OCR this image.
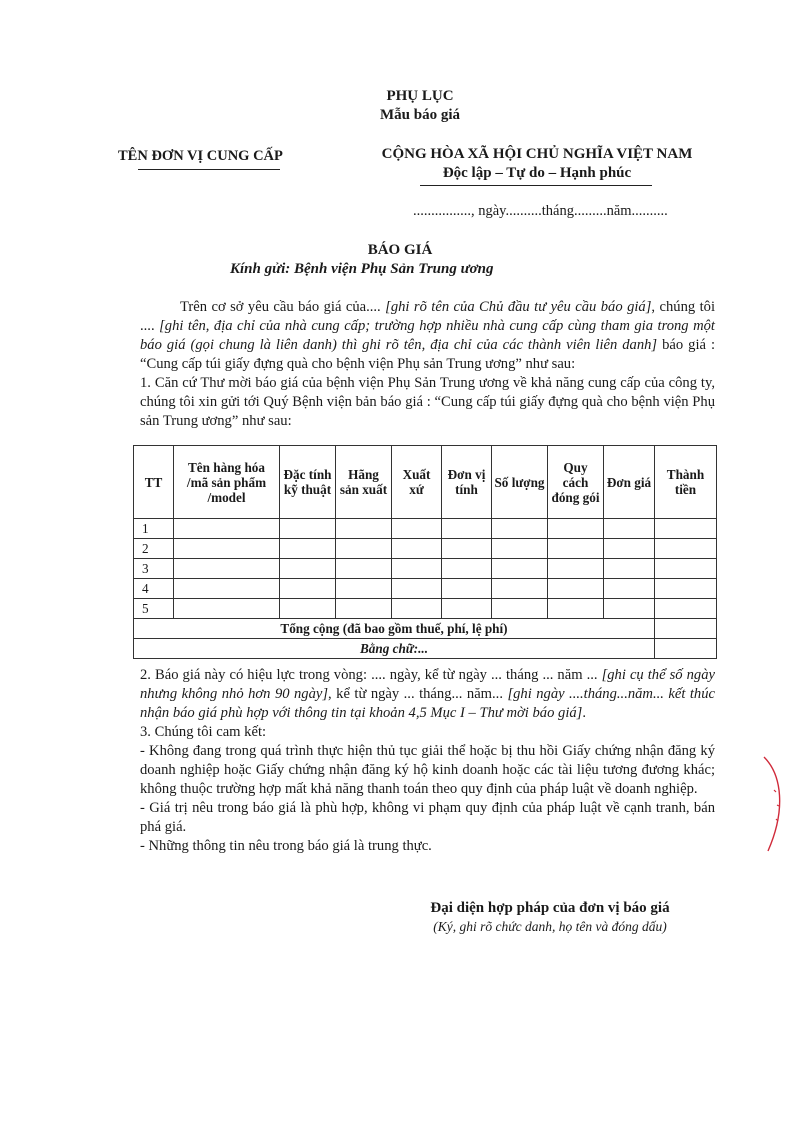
PHỤ LỤC
Mẫu báo giá
TÊN ĐƠN VỊ CUNG CẤP	CỘNG HÒA XÃ HỘI CHỦ NGHĨA VIỆT NAM
Độc lập – Tự do – Hạnh phúc
................, ngày..........tháng.........năm..........
BÁO GIÁ
Kính gửi: Bệnh viện Phụ Sản Trung ương

Trên cơ sở yêu cầu báo giá của.... [ghi rõ tên của Chủ đầu tư yêu cầu báo giá], chúng tôi .... [ghi tên, địa chỉ của nhà cung cấp; trường hợp nhiều nhà cung cấp cùng tham gia trong một báo giá (gọi chung là liên danh) thì ghi rõ tên, địa chỉ của các thành viên liên danh] báo giá : “Cung cấp túi giấy đựng quà cho bệnh viện Phụ sản Trung ương” như sau:

1. Căn cứ Thư mời báo giá của bệnh viện Phụ Sản Trung ương về khả năng cung cấp của công ty, chúng tôi xin gửi tới Quý Bệnh viện bản báo giá : “Cung cấp túi giấy đựng quà cho bệnh viện Phụ sản Trung ương” như sau:

TT	Tên hàng hóa /mã sản phẩm /model	Đặc tính kỹ thuật	Hãng sản xuất	Xuất xứ	Đơn vị tính	Số lượng	Quy cách đóng gói	Đơn giá	Thành tiền
1									
2									
3									
4									
5									
Tổng cộng (đã bao gồm thuế, phí, lệ phí)									
Bằng chữ:...									

2. Báo giá này có hiệu lực trong vòng: .... ngày, kể từ ngày ... tháng ... năm ... [ghi cụ thể số ngày nhưng không nhỏ hơn 90 ngày], kể từ ngày ... tháng... năm... [ghi ngày ....tháng...năm... kết thúc nhận báo giá phù hợp với thông tin tại khoản 4,5 Mục I – Thư mời báo giá].

3. Chúng tôi cam kết:

- Không đang trong quá trình thực hiện thủ tục giải thể hoặc bị thu hồi Giấy chứng nhận đăng ký doanh nghiệp hoặc Giấy chứng nhận đăng ký hộ kinh doanh hoặc các tài liệu tương đương khác; không thuộc trường hợp mất khả năng thanh toán theo quy định của pháp luật về doanh nghiệp.

- Giá trị nêu trong báo giá là phù hợp, không vi phạm quy định của pháp luật về cạnh tranh, bán phá giá.

- Những thông tin nêu trong báo giá là trung thực.

Đại diện hợp pháp của đơn vị báo giá
(Ký, ghi rõ chức danh, họ tên và đóng dấu)
